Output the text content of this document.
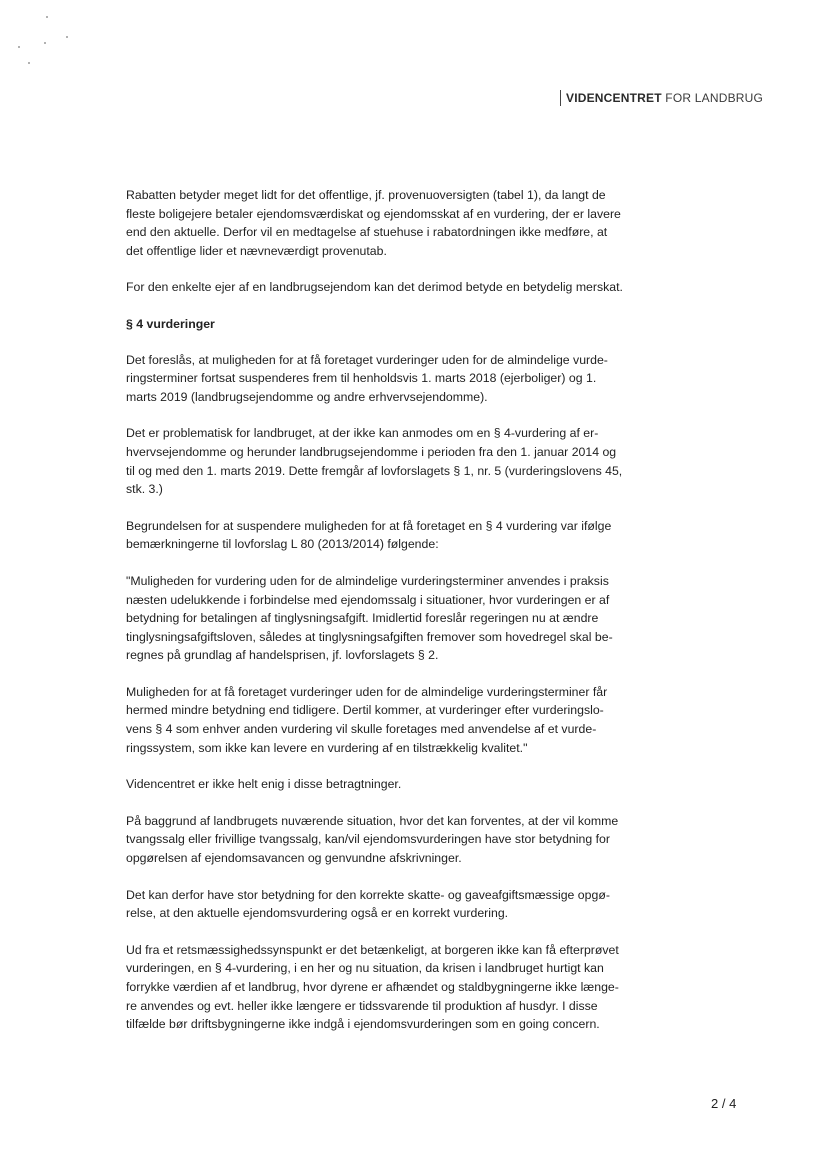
VIDENCENTRET FOR LANDBRUG
Rabatten betyder meget lidt for det offentlige, jf. provenuoversigten (tabel 1), da langt de
fleste boligejere betaler ejendomsværdiskat og ejendomsskat af en vurdering, der er lavere
end den aktuelle. Derfor vil en medtagelse af stuehuse i rabatordningen ikke medføre, at
det offentlige lider et nævneværdigt provenutab.
For den enkelte ejer af en landbrugsejendom kan det derimod betyde en betydelig merskat.
§ 4 vurderinger
Det foreslås, at muligheden for at få foretaget vurderinger uden for de almindelige vurde-
ringsterminer fortsat suspenderes frem til henholdsvis 1. marts 2018 (ejerboliger) og 1.
marts 2019 (landbrugsejendomme og andre erhvervsejendomme).
Det er problematisk for landbruget, at der ikke kan anmodes om en § 4-vurdering af er-
hvervsejendomme og herunder landbrugsejendomme i perioden fra den 1. januar 2014 og
til og med den 1. marts 2019. Dette fremgår af lovforslagets § 1, nr. 5 (vurderingslovens 45,
stk. 3.)
Begrundelsen for at suspendere muligheden for at få foretaget en § 4 vurdering var ifølge
bemærkningerne til lovforslag L 80 (2013/2014) følgende:
"Muligheden for vurdering uden for de almindelige vurderingsterminer anvendes i praksis
næsten udelukkende i forbindelse med ejendomssalg i situationer, hvor vurderingen er af
betydning for betalingen af tinglysningsafgift. Imidlertid foreslår regeringen nu at ændre
tinglysningsafgiftsloven, således at tinglysningsafgiften fremover som hovedregel skal be-
regnes på grundlag af handelsprisen, jf. lovforslagets § 2.
Muligheden for at få foretaget vurderinger uden for de almindelige vurderingsterminer får
hermed mindre betydning end tidligere. Dertil kommer, at vurderinger efter vurderingslo-
vens § 4 som enhver anden vurdering vil skulle foretages med anvendelse af et vurde-
ringssystem, som ikke kan levere en vurdering af en tilstrækkelig kvalitet."
Videncentret er ikke helt enig i disse betragtninger.
På baggrund af landbrugets nuværende situation, hvor det kan forventes, at der vil komme
tvangssalg eller frivillige tvangssalg, kan/vil ejendomsvurderingen have stor betydning for
opgørelsen af ejendomsavancen og genvundne afskrivninger.
Det kan derfor have stor betydning for den korrekte skatte- og gaveafgiftsmæssige opgø-
relse, at den aktuelle ejendomsvurdering også er en korrekt vurdering.
Ud fra et retsmæssighedssynspunkt er det betænkeligt, at borgeren ikke kan få efterprøvet
vurderingen, en § 4-vurdering, i en her og nu situation, da krisen i landbruget hurtigt kan
forrykke værdien af et landbrug, hvor dyrene er afhændet og staldbygningerne ikke længe-
re anvendes og evt. heller ikke længere er tidssvarende til produktion af husdyr. I disse
tilfælde bør driftsbygningerne ikke indgå i ejendomsvurderingen som en going concern.
2 / 4
